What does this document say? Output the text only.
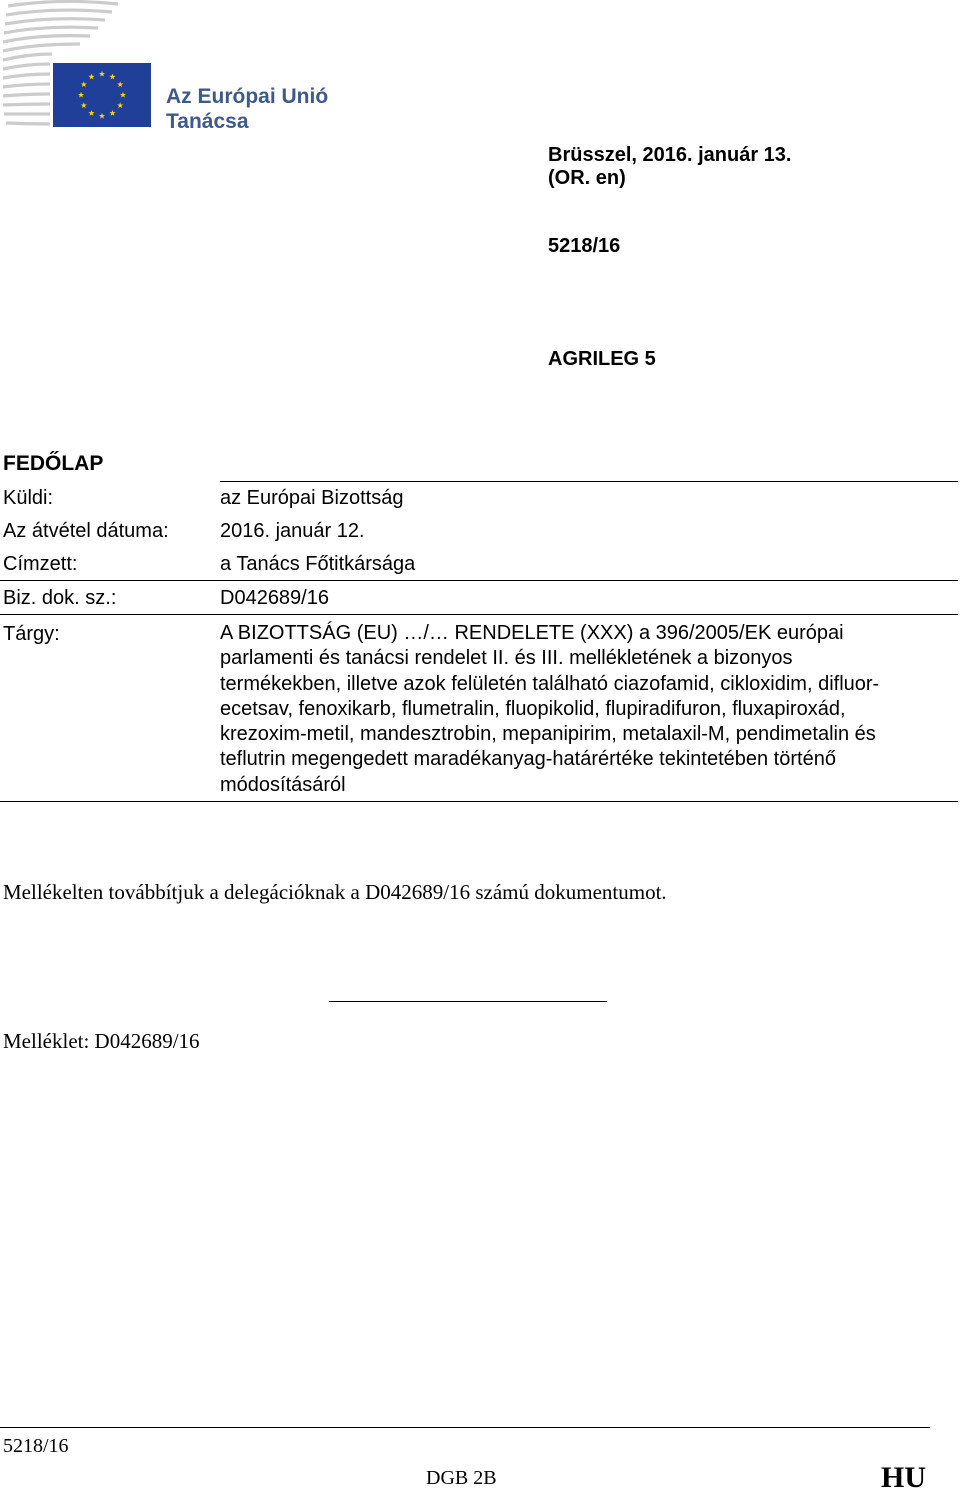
Az Európai Unió
Tanácsa
Brüsszel, 2016. január 13.
(OR. en)
5218/16
AGRILEG 5
FEDŐLAP
Küldi:	az Európai Bizottság
Az átvétel dátuma:	2016. január 12.
Címzett:	a Tanács Főtitkársága
Biz. dok. sz.:	D042689/16
Tárgy:	A BIZOTTSÁG (EU) …/… RENDELETE (XXX) a 396/2005/EK európai
parlamenti és tanácsi rendelet II. és III. mellékletének a bizonyos
termékekben, illetve azok felületén található ciazofamid, cikloxidim, difluor-
ecetsav, fenoxikarb, flumetralin, fluopikolid, flupiradifuron, fluxapiroxád,
krezoxim-metil, mandesztrobin, mepanipirim, metalaxil-M, pendimetalin és
teflutrin megengedett maradékanyag-határértéke tekintetében történő
módosításáról
Mellékelten továbbítjuk a delegációknak a D042689/16 számú dokumentumot.
Melléklet: D042689/16
5218/16
DGB 2B	HU
